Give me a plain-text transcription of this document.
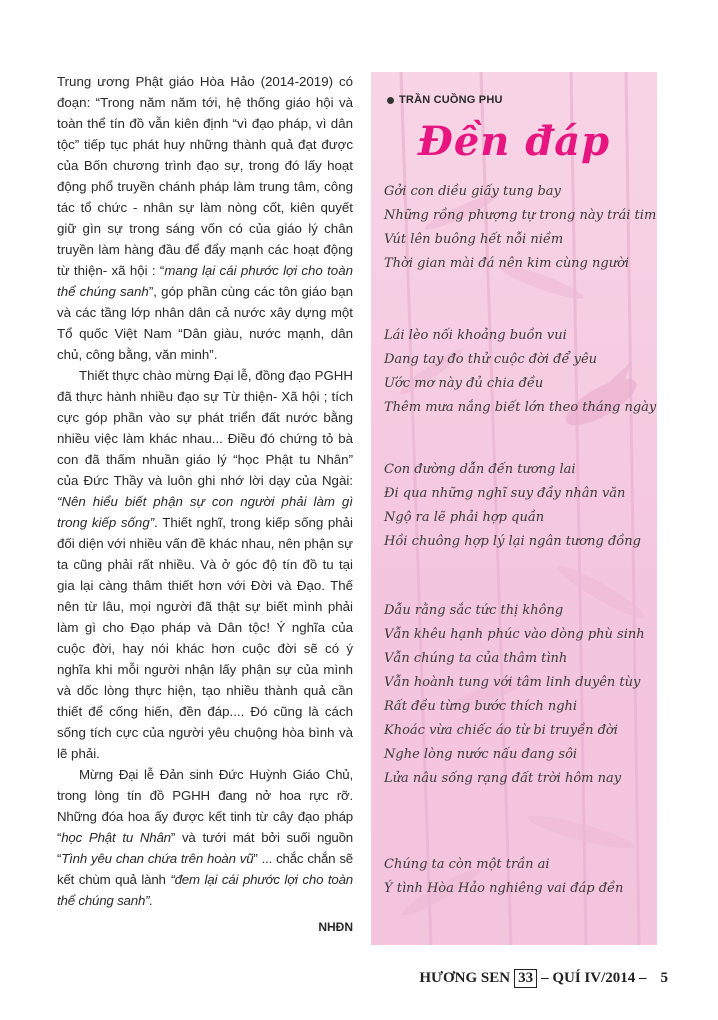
Trung ương Phật giáo Hòa Hảo (2014-2019) có đoạn: “Trong năm năm tới, hệ thống giáo hội và toàn thể tín đồ vẫn kiên định “vì đạo pháp, vì dân tộc” tiếp tục phát huy những thành quả đạt được của Bốn chương trình đạo sự, trong đó lấy hoạt động phổ truyền chánh pháp làm trung tâm, công tác tổ chức - nhân sự làm nòng cốt, kiên quyết giữ gìn sự trong sáng vốn có của giáo lý chân truyền làm hàng đầu để đẩy mạnh các hoạt động từ thiện- xã hội : “mang lại cái phước lợi cho toàn thể chúng sanh”, góp phần cùng các tôn giáo bạn và các tầng lớp nhân dân cả nước xây dựng một Tổ quốc Việt Nam “Dân giàu, nước mạnh, dân chủ, công bằng, văn minh”.

Thiết thực chào mừng Đại lễ, đồng đạo PGHH đã thực hành nhiều đạo sự Từ thiện- Xã hội ; tích cực góp phần vào sự phát triển đất nước bằng nhiều việc làm khác nhau... Điều đó chứng tỏ bà con đã thấm nhuần giáo lý “học Phật tu Nhân” của Đức Thầy và luôn ghi nhớ lời dạy của Ngài: “Nên hiểu biết phận sự con người phải làm gì trong kiếp sống”. Thiết nghĩ, trong kiếp sống phải đối diện với nhiều vấn đề khác nhau, nên phận sự ta cũng phải rất nhiều. Và ở góc độ tín đồ tu tại gia lại càng thâm thiết hơn với Đời và Đạo. Thế nên từ lâu, mọi người đã thật sự biết mình phải làm gì cho Đạo pháp và Dân tộc! Ý nghĩa của cuộc đời, hay nói khác hơn cuộc đời sẽ có ý nghĩa khi mỗi người nhận lấy phận sự của mình và dốc lòng thực hiện, tạo nhiều thành quả cần thiết để cống hiến, đền đáp.... Đó cũng là cách sống tích cực của người yêu chuộng hòa bình và lẽ phải.

Mừng Đại lễ Đản sinh Đức Huỳnh Giáo Chủ, trong lòng tín đồ PGHH đang nở hoa rực rỡ. Những đóa hoa ấy được kết tinh từ cây đạo pháp “học Phật tu Nhân” và tưới mát bởi suối nguồn “Tình yêu chan chứa trên hoàn vũ” ... chắc chắn sẽ kết chùm quả lành “đem lại cái phước lợi cho toàn thể chúng sanh”.

NHĐN
TRẦN CUỒNG PHU
Đền đáp
Gởi con diều giấy tung bay
Những rồng phượng tự trong này trái tim
Vút lên buông hết nỗi niềm
Thời gian mài đá nên kim cùng người
Lái lèo nối khoảng buồn vui
Dang tay đo thử cuộc đời để yêu
Ước mơ này đủ chia đều
Thêm mưa nắng biết lớn theo tháng ngày
Con đường dẫn đến tương lai
Đi qua những nghĩ suy đầy nhân văn
Ngộ ra lẽ phải hợp quần
Hồi chuông hợp lý lại ngân tương đồng
Dẫu rằng sắc tức thị không
Vẫn khêu hạnh phúc vào dòng phù sinh
Vẫn chúng ta của thâm tình
Vẫn hoành tung với tâm linh duyên tùy
Rất đều từng bước thích nghi
Khoác vừa chiếc áo từ bi truyền đời
Nghe lòng nước nấu đang sôi
Lửa nâu sống rạng đất trời hôm nay
Chúng ta còn một trần ai
Ý tình Hòa Hảo nghiêng vai đáp đền
HƯƠNG SEN 33 – QUÍ IV/2014 – 5
